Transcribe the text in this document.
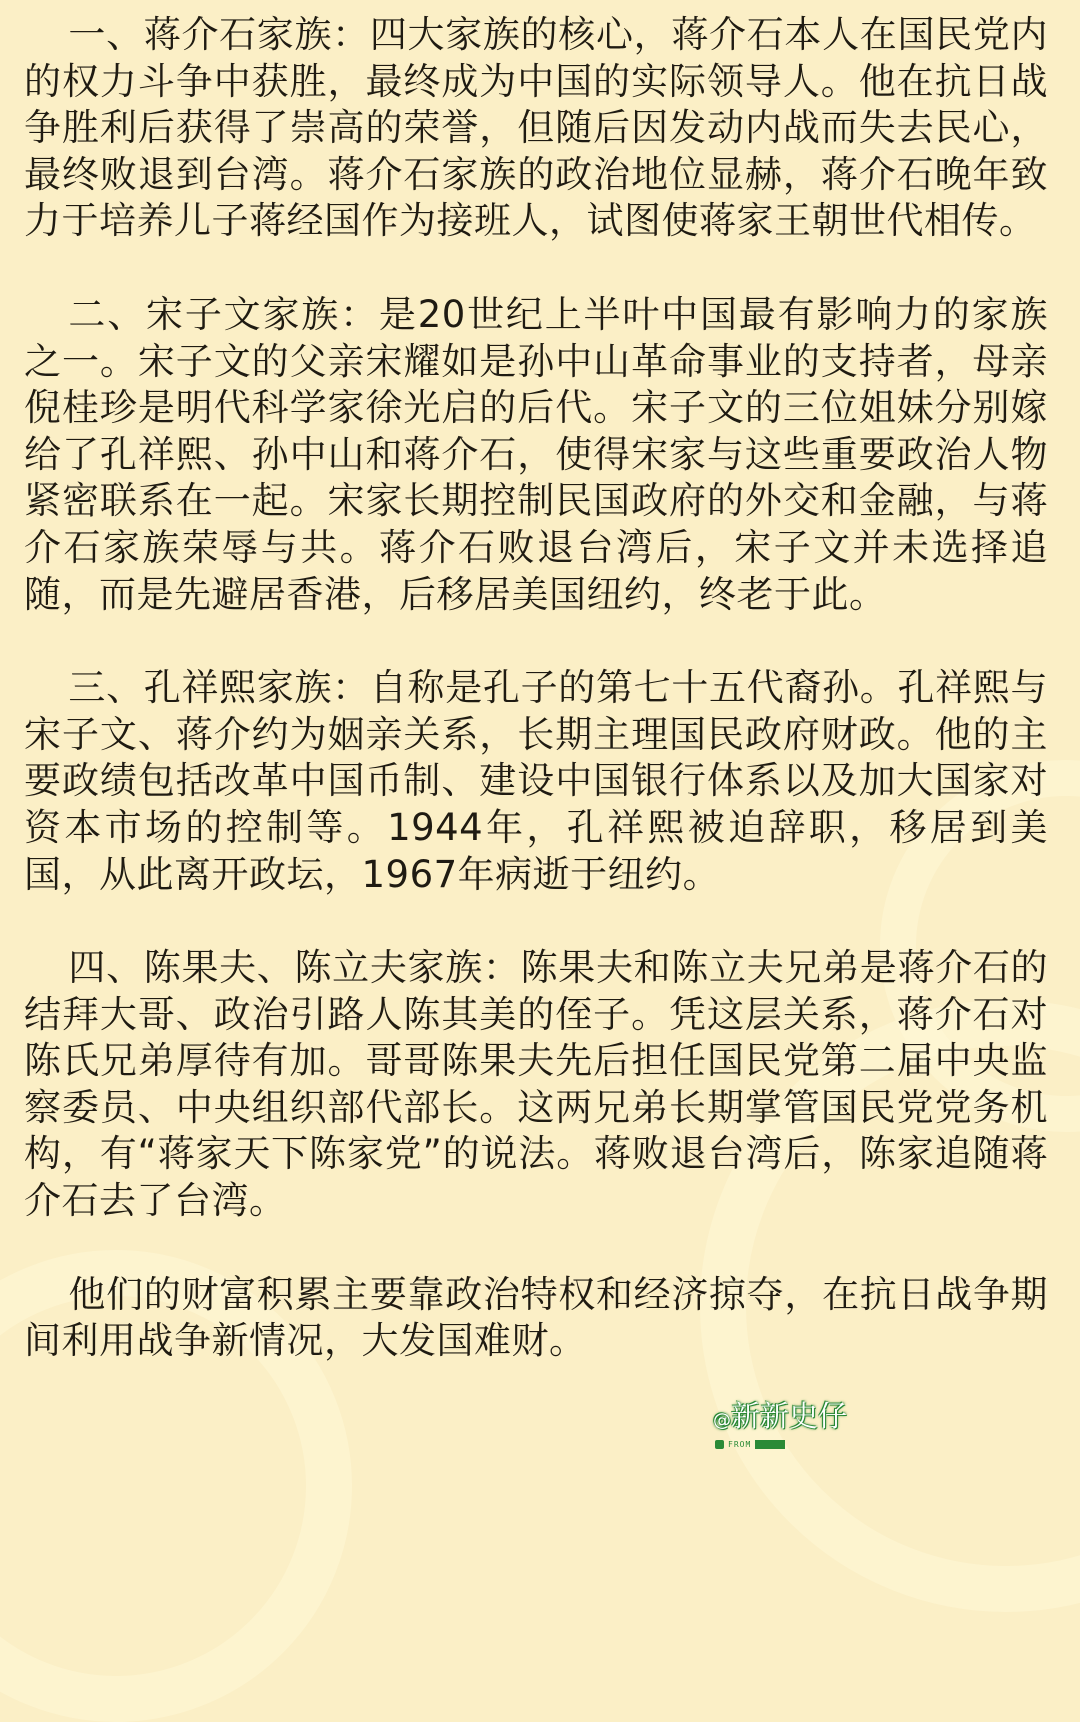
一、蒋介石家族：四大家族的核心，蒋介石本人在国民党内的权力斗争中获胜，最终成为中国的实际领导人。他在抗日战争胜利后获得了崇高的荣誉，但随后因发动内战而失去民心，最终败退到台湾。蒋介石家族的政治地位显赫，蒋介石晚年致力于培养儿子蒋经国作为接班人，试图使蒋家王朝世代相传。

二、宋子文家族：是20世纪上半叶中国最有影响力的家族之一。宋子文的父亲宋耀如是孙中山革命事业的支持者，母亲倪桂珍是明代科学家徐光启的后代。宋子文的三位姐妹分别嫁给了孔祥熙、孙中山和蒋介石，使得宋家与这些重要政治人物紧密联系在一起。宋家长期控制民国政府的外交和金融，与蒋介石家族荣辱与共。蒋介石败退台湾后，宋子文并未选择追随，而是先避居香港，后移居美国纽约，终老于此。

三、孔祥熙家族：自称是孔子的第七十五代裔孙。孔祥熙与宋子文、蒋介约为姻亲关系，长期主理国民政府财政。他的主要政绩包括改革中国币制、建设中国银行体系以及加大国家对资本市场的控制等。1944年，孔祥熙被迫辞职，移居到美国，从此离开政坛，1967年病逝于纽约。

四、陈果夫、陈立夫家族：陈果夫和陈立夫兄弟是蒋介石的结拜大哥、政治引路人陈其美的侄子。凭这层关系，蒋介石对陈氏兄弟厚待有加。哥哥陈果夫先后担任国民党第二届中央监察委员、中央组织部代部长。这两兄弟长期掌管国民党党务机构，有“蒋家天下陈家党”的说法。蒋败退台湾后，陈家追随蒋介石去了台湾。

他们的财富积累主要靠政治特权和经济掠夺，在抗日战争期间利用战争新情况，大发国难财。

@新新史仔
FROM
